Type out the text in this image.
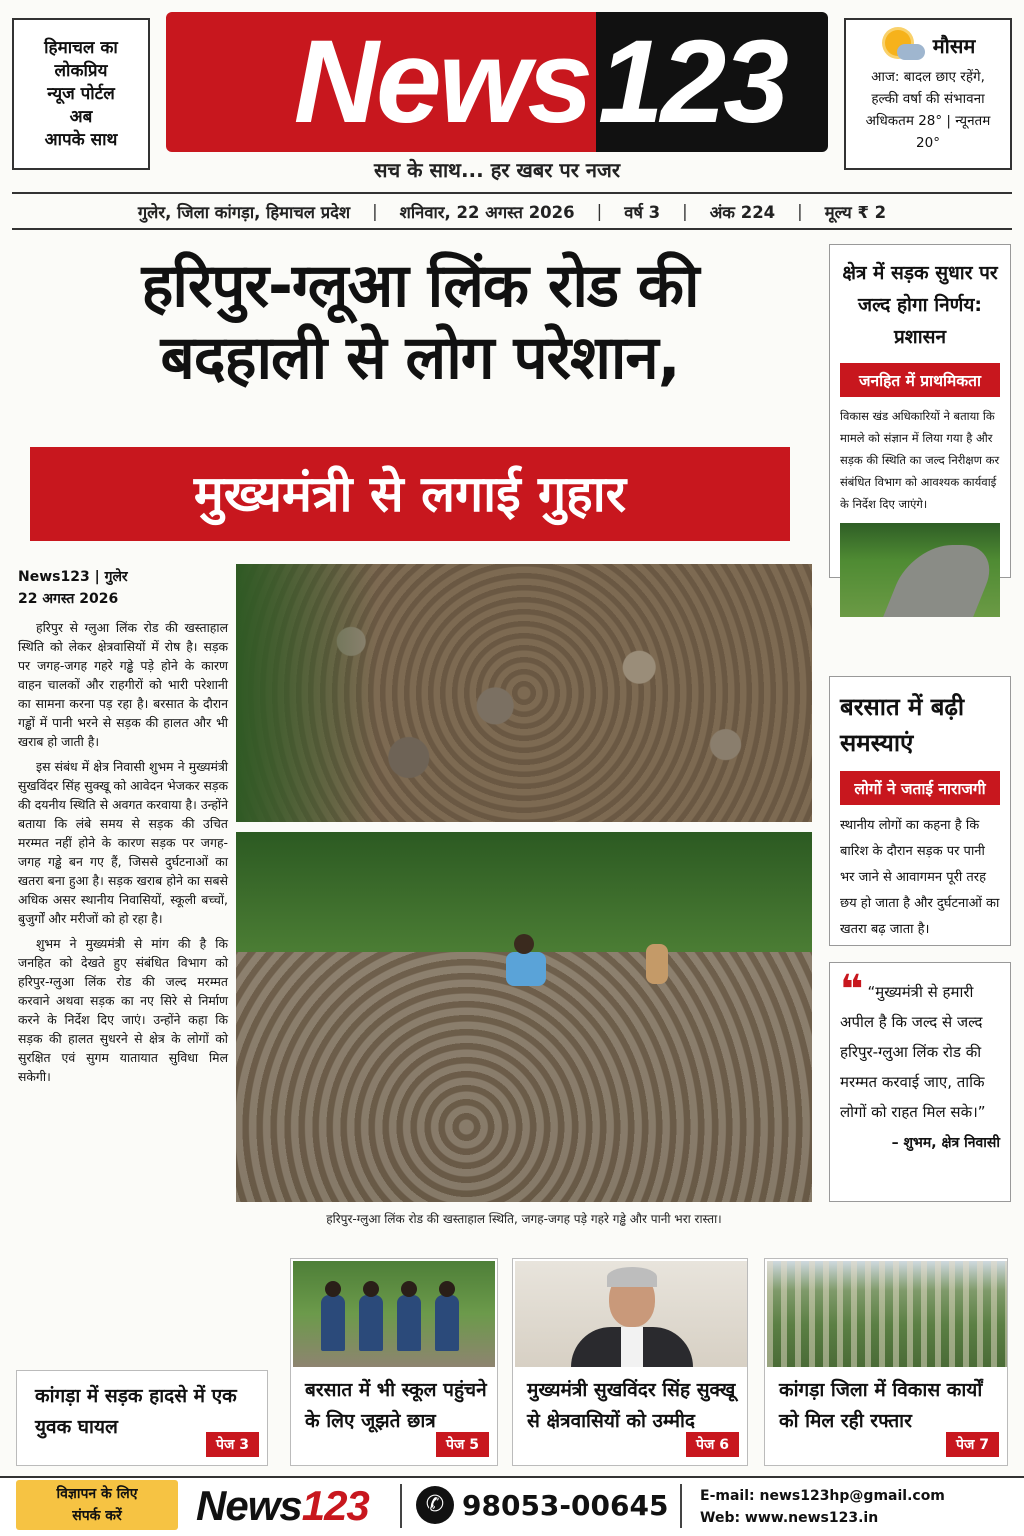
हिमाचल का
लोकप्रिय
न्यूज पोर्टल
अब
आपके साथ	News 123
सच के साथ... हर खबर पर नजर
मौसम

आज: बादल छाए रहेंगे,
हल्की वर्षा की संभावना
अधिकतम 28° | न्यूनतम 20°

गुलेर, जिला कांगड़ा, हिमाचल प्रदेश | शनिवार, 22 अगस्त 2026 | वर्ष 3 | अंक 224 | मूल्य ₹ 2
हरिपुर-ग्लूआ लिंक रोड की
बदहाली से लोग परेशान,
मुख्यमंत्री से लगाई गुहार
क्षेत्र में सड़क सुधार पर जल्द होगा निर्णय: प्रशासन
जनहित में प्राथमिकता
विकास खंड अधिकारियों ने बताया कि मामले को संज्ञान में लिया गया है और सड़क की स्थिति का जल्द निरीक्षण कर संबंधित विभाग को आवश्यक कार्यवाई के निर्देश दिए जाएंगे।
बरसात में बढ़ी समस्याएं
लोगों ने जताई नाराजगी
स्थानीय लोगों का कहना है कि बारिश के दौरान सड़क पर पानी भर जाने से आवागमन पूरी तरह छय हो जाता है और दुर्घटनाओं का खतरा बढ़ जाता है।
❝ “मुख्यमंत्री से हमारी अपील है कि जल्द से जल्द हरिपुर-ग्लुआ लिंक रोड की मरम्मत करवाई जाए, ताकि लोगों को राहत मिल सके।”
– शुभम, क्षेत्र निवासी
News123 | गुलेर
22 अगस्त 2026

हरिपुर से ग्लुआ लिंक रोड की खस्ताहाल स्थिति को लेकर क्षेत्रवासियों में रोष है। सड़क पर जगह-जगह गहरे गड्ढे पड़े होने के कारण वाहन चालकों और राहगीरों को भारी परेशानी का सामना करना पड़ रहा है। बरसात के दौरान गड्ढों में पानी भरने से सड़क की हालत और भी खराब हो जाती है।

इस संबंध में क्षेत्र निवासी शुभम ने मुख्यमंत्री सुखविंदर सिंह सुक्खू को आवेदन भेजकर सड़क की दयनीय स्थिति से अवगत करवाया है। उन्होंने बताया कि लंबे समय से सड़क की उचित मरम्मत नहीं होने के कारण सड़क पर जगह-जगह गड्ढे बन गए हैं, जिससे दुर्घटनाओं का खतरा बना हुआ है। सड़क खराब होने का सबसे अधिक असर स्थानीय निवासियों, स्कूली बच्चों, बुजुर्गों और मरीजों को हो रहा है।

शुभम ने मुख्यमंत्री से मांग की है कि जनहित को देखते हुए संबंधित विभाग को हरिपुर-ग्लुआ लिंक रोड की जल्द मरम्मत करवाने अथवा सड़क का नए सिरे से निर्माण करने के निर्देश दिए जाएं। उन्होंने कहा कि सड़क की हालत सुधरने से क्षेत्र के लोगों को सुरक्षित एवं सुगम यातायात सुविधा मिल सकेगी।

हरिपुर-ग्लुआ लिंक रोड की खस्ताहाल स्थिति, जगह-जगह पड़े गहरे गड्ढे और पानी भरा रास्ता।
कांगड़ा में सड़क हादसे में एक युवक घायल
पेज 3
बरसात में भी स्कूल पहुंचने के लिए जूझते छात्र
पेज 5
मुख्यमंत्री सुखविंदर सिंह सुक्खू से क्षेत्रवासियों को उम्मीद
पेज 6
कांगड़ा जिला में विकास कार्यों को मिल रही रफ्तार
पेज 7
विज्ञापन के लिए
संपर्क करें	News123	✆ 98053-00645 E-mail: news123hp@gmail.com
Web: www.news123.in
